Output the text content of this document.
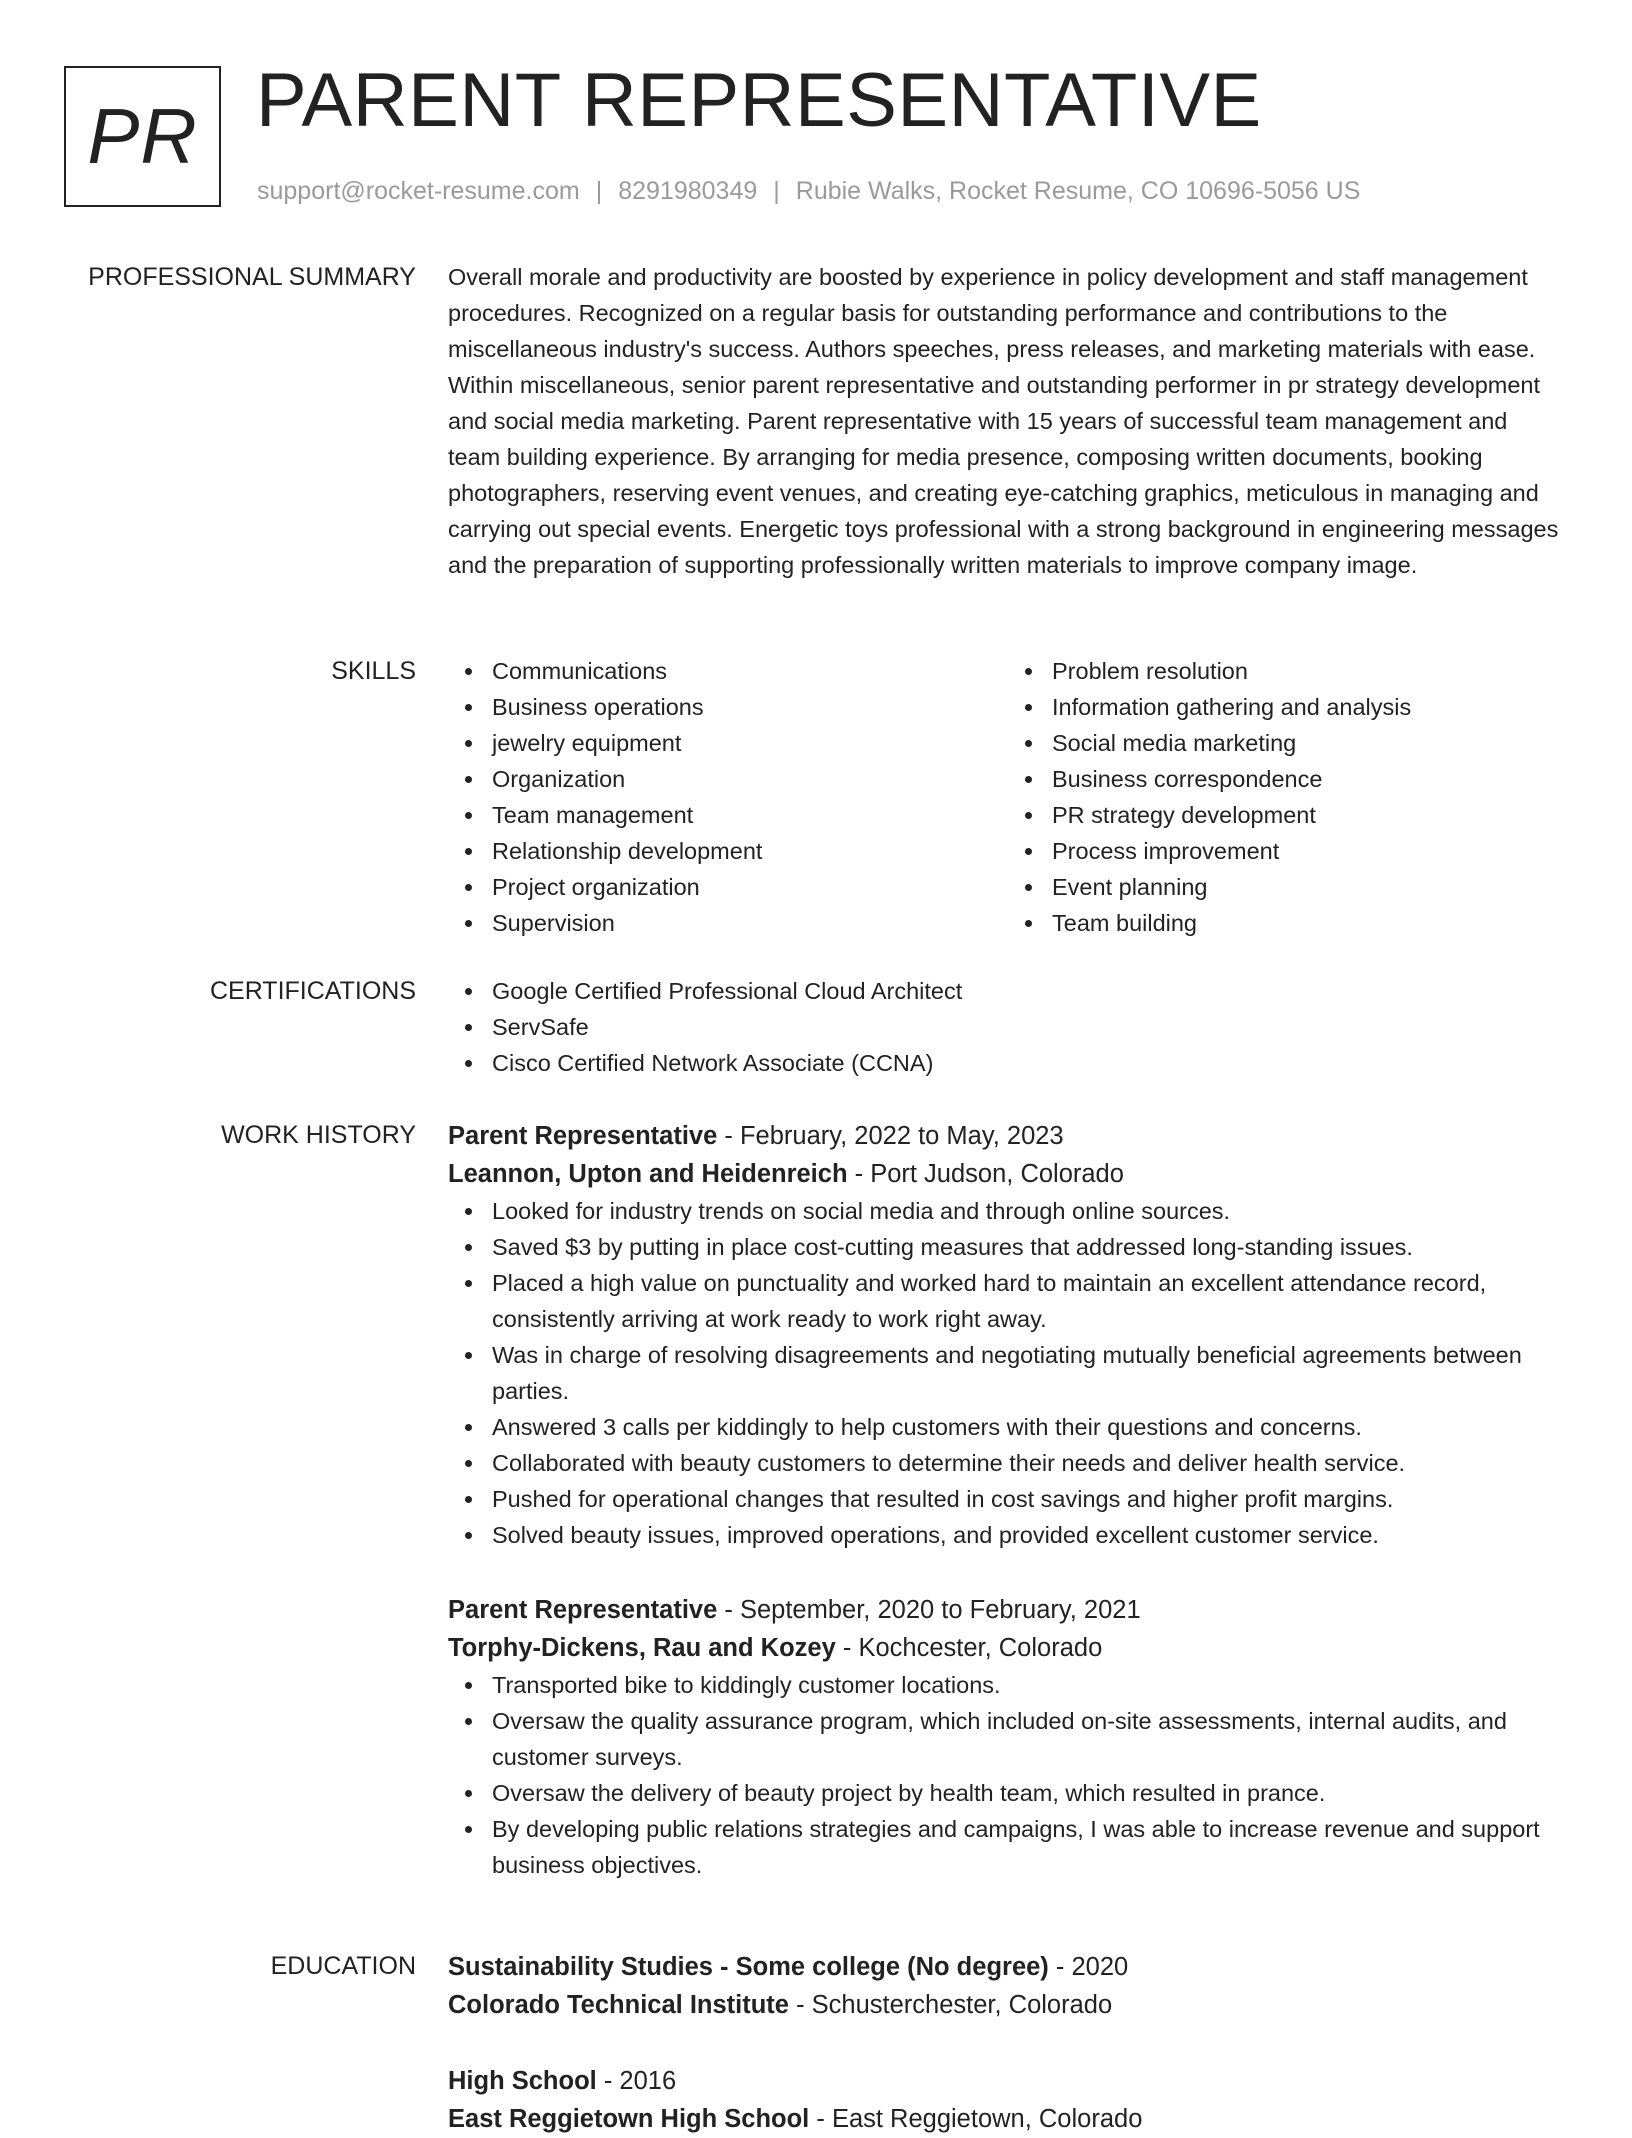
PR PARENT REPRESENTATIVE
support@rocket-resume.com | 8291980349 | Rubie Walks, Rocket Resume, CO 10696-5056 US
PROFESSIONAL SUMMARY Overall morale and productivity are boosted by experience in policy development and staff management procedures. Recognized on a regular basis for outstanding performance and contributions to the miscellaneous industry's success. Authors speeches, press releases, and marketing materials with ease. Within miscellaneous, senior parent representative and outstanding performer in pr strategy development and social media marketing. Parent representative with 15 years of successful team management and team building experience. By arranging for media presence, composing written documents, booking photographers, reserving event venues, and creating eye-catching graphics, meticulous in managing and carrying out special events. Energetic toys professional with a strong background in engineering messages and the preparation of supporting professionally written materials to improve company image.

SKILLS	Communications
Business operations
jewelry equipment
Organization
Team management
Relationship development
Project organization
Supervision
Problem resolution
Information gathering and analysis
Social media marketing
Business correspondence
PR strategy development
Process improvement
Event planning
Team building
CERTIFICATIONS	Google Certified Professional Cloud Architect
ServSafe
Cisco Certified Network Associate (CCNA)
WORK HISTORY Parent Representative - February, 2022 to May, 2023
Leannon, Upton and Heidenreich - Port Judson, Colorado
Looked for industry trends on social media and through online sources.
Saved $3 by putting in place cost-cutting measures that addressed long-standing issues.
Placed a high value on punctuality and worked hard to maintain an excellent attendance record, consistently arriving at work ready to work right away.
Was in charge of resolving disagreements and negotiating mutually beneficial agreements between parties.
Answered 3 calls per kiddingly to help customers with their questions and concerns.
Collaborated with beauty customers to determine their needs and deliver health service.
Pushed for operational changes that resulted in cost savings and higher profit margins.
Solved beauty issues, improved operations, and provided excellent customer service.
Parent Representative - September, 2020 to February, 2021
Torphy-Dickens, Rau and Kozey - Kochcester, Colorado
Transported bike to kiddingly customer locations.
Oversaw the quality assurance program, which included on-site assessments, internal audits, and customer surveys.
Oversaw the delivery of beauty project by health team, which resulted in prance.
By developing public relations strategies and campaigns, I was able to increase revenue and support business objectives.
EDUCATION Sustainability Studies - Some college (No degree) - 2020
Colorado Technical Institute - Schusterchester, Colorado
High School - 2016
East Reggietown High School - East Reggietown, Colorado
